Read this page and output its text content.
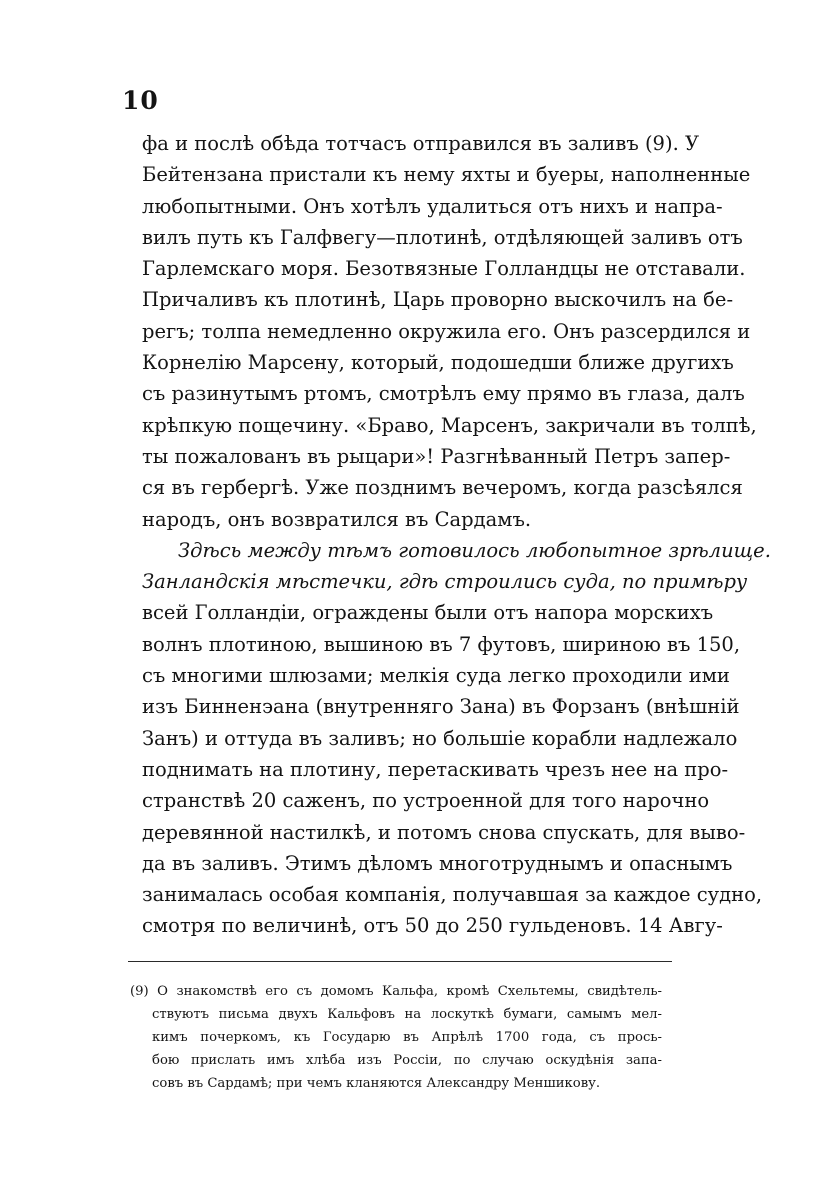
10
фа и послѣ обѣда тотчасъ отправился въ заливъ (9). У
Бейтензана пристали къ нему яхты и буеры, наполненные
любопытными. Онъ хотѣлъ удалиться отъ нихъ и напра-
вилъ путь къ Галфвегу—плотинѣ, отдѣляющей заливъ отъ
Гарлемскаго моря. Безотвязные Голландцы не отставали.
Причаливъ къ плотинѣ, Царь проворно выскочилъ на бе-
регъ; толпа немедленно окружила его. Онъ разсердился и
Корнелію Марсену, который, подошедши ближе другихъ
съ разинутымъ ртомъ, смотрѣлъ ему прямо въ глаза, далъ
крѣпкую пощечину. «Браво, Марсенъ, закричали въ толпѣ,
ты пожалованъ въ рыцари»! Разгнѣванный Петръ запер-
ся въ гербергѣ. Уже позднимъ вечеромъ, когда разсѣялся
народъ, онъ возвратился въ Сардамъ.
Здѣсь между тѣмъ готовилось любопытное зрѣлище.
Занландскія мѣстечки, гдѣ строились суда, по примѣру
всей Голландіи, ограждены были отъ напора морскихъ
волнъ плотиною, вышиною въ 7 футовъ, шириною въ 150,
съ многими шлюзами; мелкія суда легко проходили ими
изъ Бинненэана (внутренняго Зана) въ Форзанъ (внѣшній
Занъ) и оттуда въ заливъ; но большіе корабли надлежало
поднимать на плотину, перетаскивать чрезъ нее на про-
странствѣ 20 саженъ, по устроенной для того нарочно
деревянной настилкѣ, и потомъ снова спускать, для выво-
да въ заливъ. Этимъ дѣломъ многотруднымъ и опаснымъ
занималась особая компанія, получавшая за каждое судно,
смотря по величинѣ, отъ 50 до 250 гульденовъ. 14 Авгу-
(9) О знакомствѣ его съ домомъ Кальфа, кромѣ Схельтемы, свидѣтель-
ствуютъ письма двухъ Кальфовъ на лоскуткѣ бумаги, самымъ мел-
кимъ почеркомъ, къ Государю въ Апрѣлѣ 1700 года, съ прось-
бою прислать имъ хлѣба изъ Россіи, по случаю оскудѣнія запа-
совъ въ Сардамѣ; при чемъ кланяются Александру Меншикову.
